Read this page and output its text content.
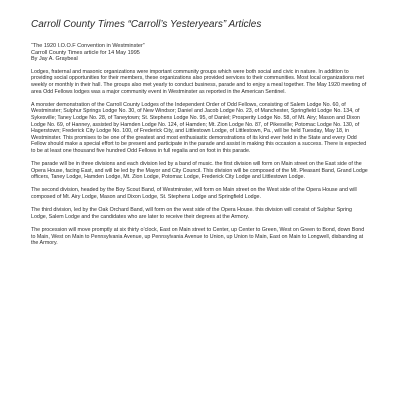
Carroll County Times “Carroll’s Yesteryears” Articles
“The 1920 I.O.O.F Convention in Westminster”
Carroll County Times article for 14 May 1995
By Jay A. Graybeal

Lodges, fraternal and masonic organizations were important community groups which were both social and civic in nature. In addition to providing social opportunities for their members, these organizations also provided services to their communities. Most local organizations met weekly or monthly in their hall. The groups also met yearly to conduct business, parade and to enjoy a meal together. The May 1920 meeting of area Odd Fellows lodges was a major community event in Westminster as reported in the American Sentinel.

A monster demonstration of the Carroll County Lodges of the Independent Order of Odd Fellows, consisting of Salem Lodge No. 60, of Westminster; Sulphur Springs Lodge No. 30, of New Windsor; Daniel and Jacob Lodge No. 23, of Manchester, Springfield Lodge No. 134, of Sykesville; Taney Lodge No. 28, of Taneytown; St. Stephens Lodge No. 95, of Daniel; Prosperity Lodge No. 58, of Mt. Airy; Mason and Dixon Lodge No. 69, of Hanney, assisted by Hamden Lodge No. 124, of Hamden; Mt. Zion Lodge No. 87, of Pikesville; Potomac Lodge No. 130, of Hagerstown; Frederick City Lodge No. 100, of Frederick City, and Littlestown Lodge, of Littlestown, Pa., will be held Tuesday, May 18, in Westminster. This promises to be one of the greatest and most enthusiastic demonstrations of its kind ever held in the State and every Odd Fellow should make a special effort to be present and participate in the parade and assist in making this occasion a success. There is expected to be at least one thousand five hundred Odd Fellows in full regalia and on foot in this parade.

The parade will be in three divisions and each division led by a band of music. the first division will form on Main street on the East side of the Opera House, facing East, and will be led by the Mayor and City Council. This division will be composed of the Mt. Pleasant Band, Grand Lodge officers, Taney Lodge, Hamden Lodge, Mt. Zion Lodge, Potomac Lodge, Frederick City Lodge and Littlestown Lodge.

The second division, headed by the Boy Scout Band, of Westminster, will form on Main street on the West side of the Opera House and will composed of Mt. Airy Lodge, Mason and Dixon Lodge, St. Stephens Lodge and Springfield Lodge.

The third division, led by the Oak Orchard Band, will form on the west side of the Opera House. this division will consist of Sulphur Spring Lodge, Salem Lodge and the candidates who are later to receive their degrees at the Armory.

The procession will move promptly at six thirty o’clock, East on Main street to Center, up Center to Green, West on Green to Bond, down Bond to Main, West on Main to Pennsylvania Avenue, up Pennsylvania Avenue to Union, up Union to Main, East on Main to Longwell, disbanding at the Armory.
